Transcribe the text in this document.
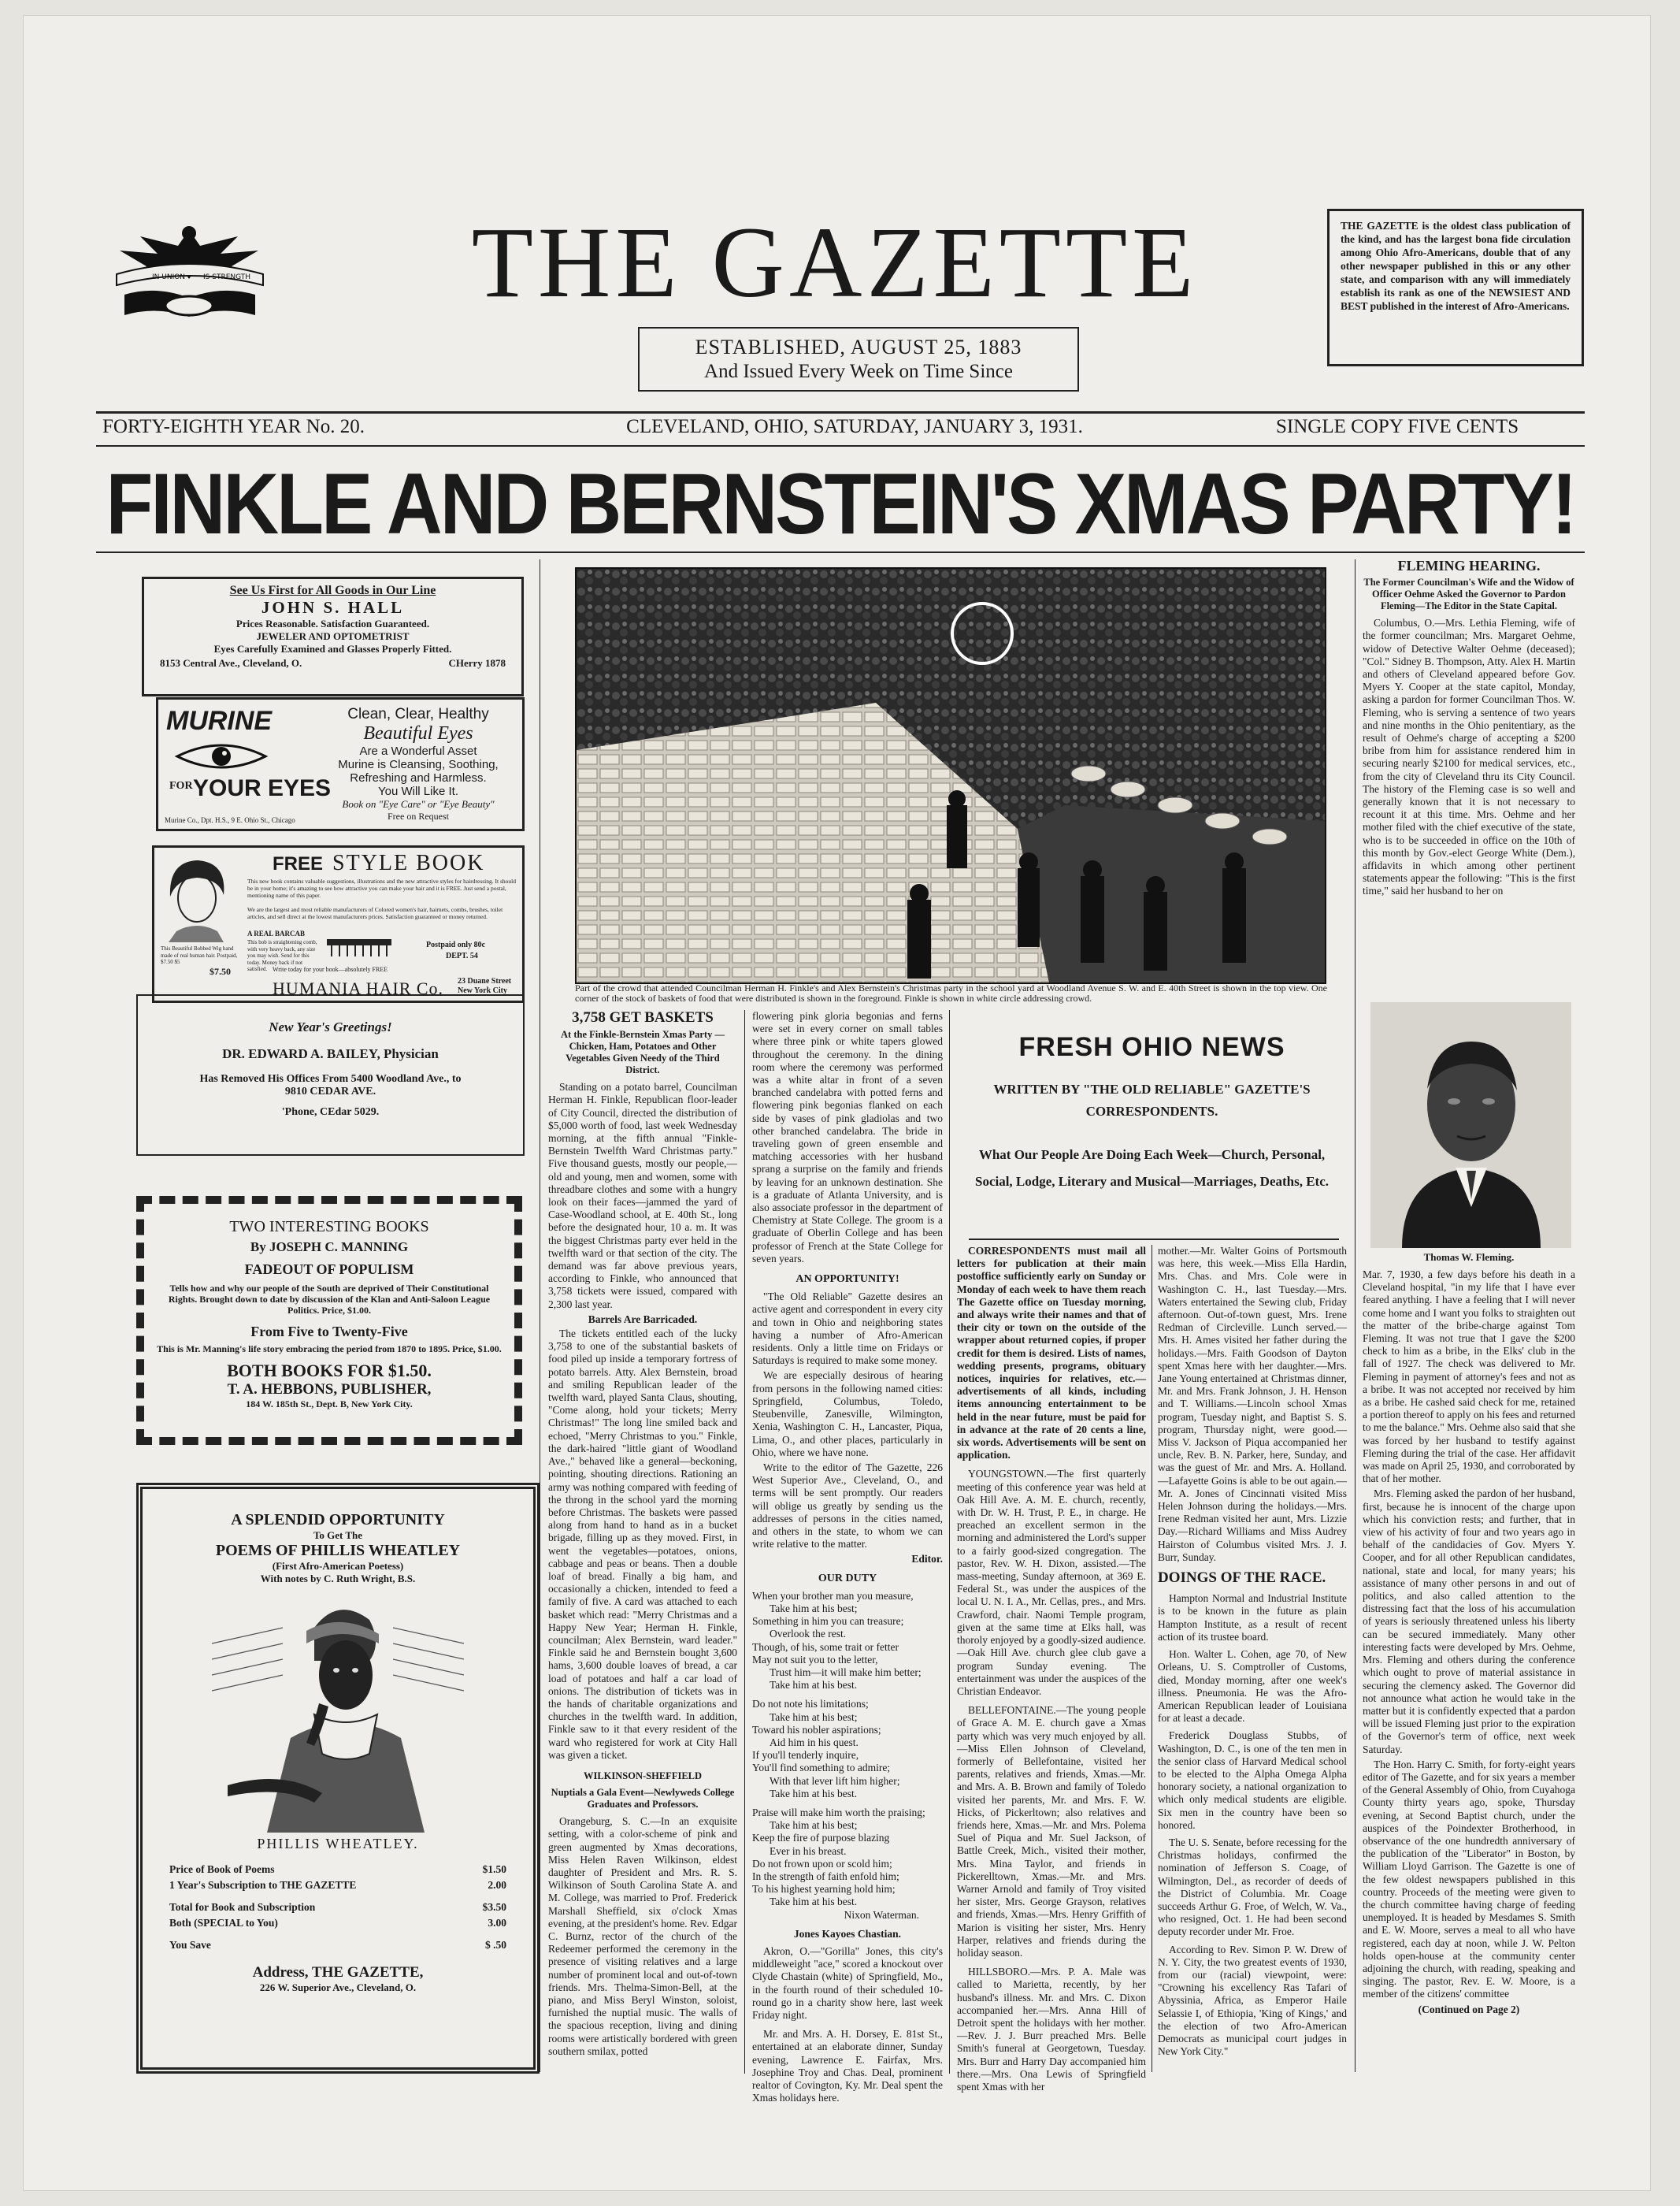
IN UNION	IS STRENGTH	THE GAZETTE
ESTABLISHED, AUGUST 25, 1883
And Issued Every Week on Time Since
THE GAZETTE is the oldest class publication of the kind, and has the largest bona fide circulation among Ohio Afro-Americans, double that of any other newspaper published in this or any other state, and comparison with any will immediately establish its rank as one of the NEWSIEST AND BEST published in the interest of Afro-Americans.
FORTY-EIGHTH YEAR No. 20.	CLEVELAND, OHIO, SATURDAY, JANUARY 3, 1931.	SINGLE COPY FIVE CENTS
FINKLE AND BERNSTEIN'S XMAS PARTY!
See Us First for All Goods in Our Line
JOHN S. HALL
Prices Reasonable. Satisfaction Guaranteed.
JEWELER AND OPTOMETRIST
Eyes Carefully Examined and Glasses Properly Fitted.
8153 Central Ave., Cleveland, O.	CHerry 1878
MURINE
FOR YOUR EYES
Clean, Clear, Healthy
Beautiful Eyes
Are a Wonderful Asset
Murine is Cleansing, Soothing,
Refreshing and Harmless.
You Will Like It.
Book on "Eye Care" or "Eye Beauty"
Free on Request
Murine Co., Dpt. H.S., 9 E. Ohio St., Chicago
FREE STYLE BOOK
This new book contains valuable suggestions, illustrations and the new attractive styles for hairdressing. It should be in your home; it's amazing to see how attractive you can make your hair and it is FREE. Just send a postal, mentioning name of this paper.
We are the largest and most reliable manufacturers of Colored women's hair, hairnets, combs, brushes, toilet articles, and sell direct at the lowest manufacturers prices. Satisfaction guaranteed or money returned.
A REAL BARCAB
This bob is straightening comb, with very heavy back, any size you may wish. Send for this today. Money back if not satisfied.
Postpaid only 80c
DEPT. 54
This Beautiful Bobbed Wig hand made of real human hair. Postpaid, $7.50 $5
$7.50	Write today for your book—absolutely FREE
HUMANIA HAIR Co. 23 Duane Street
New York City
New Year's Greetings!
DR. EDWARD A. BAILEY, Physician
Has Removed His Offices From 5400 Woodland Ave., to
9810 CEDAR AVE.
'Phone, CEdar 5029.
TWO INTERESTING BOOKS
By JOSEPH C. MANNING
FADEOUT OF POPULISM
Tells how and why our people of the South are deprived of Their Constitutional Rights. Brought down to date by discussion of the Klan and Anti-Saloon League Politics. Price, $1.00.
From Five to Twenty-Five
This is Mr. Manning's life story embracing the period from 1870 to 1895. Price, $1.00.
BOTH BOOKS FOR $1.50.
T. A. HEBBONS, PUBLISHER,
184 W. 185th St., Dept. B, New York City.
A SPLENDID OPPORTUNITY
To Get The
POEMS OF PHILLIS WHEATLEY
(First Afro-American Poetess)
With notes by C. Ruth Wright, B.S.
PHILLIS WHEATLEY.
Price of Book of Poems	$1.50
1 Year's Subscription to THE GAZETTE	2.00
Total for Book and Subscription	$3.50
Both (SPECIAL to You)	3.00
You Save	$ .50
Address, THE GAZETTE,
226 W. Superior Ave., Cleveland, O.
Part of the crowd that attended Councilman Herman H. Finkle's and Alex Bernstein's Christmas party in the school yard at Woodland Avenue S. W. and E. 40th Street is shown in the top view. One corner of the stock of baskets of food that were distributed is shown in the foreground. Finkle is shown in white circle addressing crowd.
3,758 GET BASKETS
At the Finkle-Bernstein Xmas Party —Chicken, Ham, Potatoes and Other Vegetables Given Needy of the Third District.

Standing on a potato barrel, Councilman Herman H. Finkle, Republican floor-leader of City Council, directed the distribution of $5,000 worth of food, last week Wednesday morning, at the fifth annual "Finkle-Bernstein Twelfth Ward Christmas party." Five thousand guests, mostly our people,—old and young, men and women, some with threadbare clothes and some with a hungry look on their faces—jammed the yard of Case-Woodland school, at E. 40th St., long before the designated hour, 10 a. m. It was the biggest Christmas party ever held in the twelfth ward or that section of the city. The demand was far above previous years, according to Finkle, who announced that 3,758 tickets were issued, compared with 2,300 last year.

Barrels Are Barricaded.

The tickets entitled each of the lucky 3,758 to one of the substantial baskets of food piled up inside a temporary fortress of potato barrels. Atty. Alex Bernstein, broad and smiling Republican leader of the twelfth ward, played Santa Claus, shouting, "Come along, hold your tickets; Merry Christmas!" The long line smiled back and echoed, "Merry Christmas to you." Finkle, the dark-haired "little giant of Woodland Ave.," behaved like a general—beckoning, pointing, shouting directions. Rationing an army was nothing compared with feeding of the throng in the school yard the morning before Christmas. The baskets were passed along from hand to hand as in a bucket brigade, filling up as they moved. First, in went the vegetables—potatoes, onions, cabbage and peas or beans. Then a double loaf of bread. Finally a big ham, and occasionally a chicken, intended to feed a family of five. A card was attached to each basket which read: "Merry Christmas and a Happy New Year; Herman H. Finkle, councilman; Alex Bernstein, ward leader." Finkle said he and Bernstein bought 3,600 hams, 3,600 double loaves of bread, a car load of potatoes and half a car load of onions. The distribution of tickets was in the hands of charitable organizations and churches in the twelfth ward. In addition, Finkle saw to it that every resident of the ward who registered for work at City Hall was given a ticket.

WILKINSON-SHEFFIELD
Nuptials a Gala Event—Newlyweds College Graduates and Professors.

Orangeburg, S. C.—In an exquisite setting, with a color-scheme of pink and green augmented by Xmas decorations, Miss Helen Raven Wilkinson, eldest daughter of President and Mrs. R. S. Wilkinson of South Carolina State A. and M. College, was married to Prof. Frederick Marshall Sheffield, six o'clock Xmas evening, at the president's home. Rev. Edgar C. Burnz, rector of the church of the Redeemer performed the ceremony in the presence of visiting relatives and a large number of prominent local and out-of-town friends. Mrs. Thelma-Simon-Bell, at the piano, and Miss Beryl Winston, soloist, furnished the nuptial music. The walls of the spacious reception, living and dining rooms were artistically bordered with green southern smilax, potted

flowering pink gloria begonias and ferns were set in every corner on small tables where three pink or white tapers glowed throughout the ceremony. In the dining room where the ceremony was performed was a white altar in front of a seven branched candelabra with potted ferns and flowering pink begonias flanked on each side by vases of pink gladiolas and two other branched candelabra. The bride in traveling gown of green ensemble and matching accessories with her husband sprang a surprise on the family and friends by leaving for an unknown destination. She is a graduate of Atlanta University, and is also associate professor in the department of Chemistry at State College. The groom is a graduate of Oberlin College and has been professor of French at the State College for seven years.

AN OPPORTUNITY!

"The Old Reliable" Gazette desires an active agent and correspondent in every city and town in Ohio and neighboring states having a number of Afro-American residents. Only a little time on Fridays or Saturdays is required to make some money.

We are especially desirous of hearing from persons in the following named cities: Springfield, Columbus, Toledo, Steubenville, Zanesville, Wilmington, Xenia, Washington C. H., Lancaster, Piqua, Lima, O., and other places, particularly in Ohio, where we have none.

Write to the editor of The Gazette, 226 West Superior Ave., Cleveland, O., and terms will be sent promptly. Our readers will oblige us greatly by sending us the addresses of persons in the cities named, and others in the state, to whom we can write relative to the matter.

Editor.
OUR DUTY

When your brother man you measure,

Take him at his best;

Something in him you can treasure;

Overlook the rest.

Though, of his, some trait or fetter

May not suit you to the letter,

Trust him—it will make him better;

Take him at his best.

Do not note his limitations;

Take him at his best;

Toward his nobler aspirations;

Aid him in his quest.

If you'll tenderly inquire,

You'll find something to admire;

With that lever lift him higher;

Take him at his best.

Praise will make him worth the praising;

Take him at his best;

Keep the fire of purpose blazing

Ever in his breast.

Do not frown upon or scold him;

In the strength of faith enfold him;

To his highest yearning hold him;

Take him at his best.

Nixon Waterman.
Jones Kayoes Chastian.

Akron, O.—"Gorilla" Jones, this city's middleweight "ace," scored a knockout over Clyde Chastain (white) of Springfield, Mo., in the fourth round of their scheduled 10-round go in a charity show here, last week Friday night.

Mr. and Mrs. A. H. Dorsey, E. 81st St., entertained at an elaborate dinner, Sunday evening, Lawrence E. Fairfax, Mrs. Josephine Troy and Chas. Deal, prominent realtor of Covington, Ky. Mr. Deal spent the Xmas holidays here.

FRESH OHIO NEWS
WRITTEN BY "THE OLD RELIABLE" GAZETTE'S CORRESPONDENTS.
What Our People Are Doing Each Week—Church, Personal, Social, Lodge, Literary and Musical—Marriages, Deaths, Etc.

CORRESPONDENTS must mail all letters for publication at their main postoffice sufficiently early on Sunday or Monday of each week to have them reach The Gazette office on Tuesday morning, and always write their names and that of their city or town on the outside of the wrapper about returned copies, if proper credit for them is desired. Lists of names, wedding presents, programs, obituary notices, inquiries for relatives, etc.—advertisements of all kinds, including items announcing entertainment to be held in the near future, must be paid for in advance at the rate of 20 cents a line, six words. Advertisements will be sent on application.

YOUNGSTOWN.—The first quarterly meeting of this conference year was held at Oak Hill Ave. A. M. E. church, recently, with Dr. W. H. Trust, P. E., in charge. He preached an excellent sermon in the morning and administered the Lord's supper to a fairly good-sized congregation. The pastor, Rev. W. H. Dixon, assisted.—The mass-meeting, Sunday afternoon, at 369 E. Federal St., was under the auspices of the local U. N. I. A., Mr. Cellas, pres., and Mrs. Crawford, chair. Naomi Temple program, given at the same time at Elks hall, was thoroly enjoyed by a goodly-sized audience.—Oak Hill Ave. church glee club gave a program Sunday evening. The entertainment was under the auspices of the Christian Endeavor.

BELLEFONTAINE.—The young people of Grace A. M. E. church gave a Xmas party which was very much enjoyed by all.—Miss Ellen Johnson of Cleveland, formerly of Bellefontaine, visited her parents, relatives and friends, Xmas.—Mr. and Mrs. A. B. Brown and family of Toledo visited her parents, Mr. and Mrs. F. W. Hicks, of Pickerltown; also relatives and friends here, Xmas.—Mr. and Mrs. Polema Suel of Piqua and Mr. Suel Jackson, of Battle Creek, Mich., visited their mother, Mrs. Mina Taylor, and friends in Pickerelltown, Xmas.—Mr. and Mrs. Warner Arnold and family of Troy visited her sister, Mrs. George Grayson, relatives and friends, Xmas.—Mrs. Henry Griffith of Marion is visiting her sister, Mrs. Henry Harper, relatives and friends during the holiday season.

HILLSBORO.—Mrs. P. A. Male was called to Marietta, recently, by her husband's illness. Mr. and Mrs. C. Dixon accompanied her.—Mrs. Anna Hill of Detroit spent the holidays with her mother.—Rev. J. J. Burr preached Mrs. Belle Smith's funeral at Georgetown, Tuesday. Mrs. Burr and Harry Day accompanied him there.—Mrs. Ona Lewis of Springfield spent Xmas with her

mother.—Mr. Walter Goins of Portsmouth was here, this week.—Miss Ella Hardin, Mrs. Chas. and Mrs. Cole were in Washington C. H., last Tuesday.—Mrs. Waters entertained the Sewing club, Friday afternoon. Out-of-town guest, Mrs. Irene Redman of Circleville. Lunch served.—Mrs. H. Ames visited her father during the holidays.—Mrs. Faith Goodson of Dayton spent Xmas here with her daughter.—Mrs. Jane Young entertained at Christmas dinner, Mr. and Mrs. Frank Johnson, J. H. Henson and T. Williams.—Lincoln school Xmas program, Tuesday night, and Baptist S. S. program, Thursday night, were good.—Miss V. Jackson of Piqua accompanied her uncle, Rev. B. N. Parker, here, Sunday, and was the guest of Mr. and Mrs. A. Holland.—Lafayette Goins is able to be out again.—Mr. A. Jones of Cincinnati visited Miss Helen Johnson during the holidays.—Mrs. Irene Redman visited her aunt, Mrs. Lizzie Day.—Richard Williams and Miss Audrey Hairston of Columbus visited Mrs. J. J. Burr, Sunday.

DOINGS OF THE RACE.

Hampton Normal and Industrial Institute is to be known in the future as plain Hampton Institute, as a result of recent action of its trustee board.

Hon. Walter L. Cohen, age 70, of New Orleans, U. S. Comptroller of Customs, died, Monday morning, after one week's illness. Pneumonia. He was the Afro-American Republican leader of Louisiana for at least a decade.

Frederick Douglass Stubbs, of Washington, D. C., is one of the ten men in the senior class of Harvard Medical school to be elected to the Alpha Omega Alpha honorary society, a national organization to which only medical students are eligible. Six men in the country have been so honored.

The U. S. Senate, before recessing for the Christmas holidays, confirmed the nomination of Jefferson S. Coage, of Wilmington, Del., as recorder of deeds of the District of Columbia. Mr. Coage succeeds Arthur G. Froe, of Welch, W. Va., who resigned, Oct. 1. He had been second deputy recorder under Mr. Froe.

According to Rev. Simon P. W. Drew of N. Y. City, the two greatest events of 1930, from our (racial) viewpoint, were: "Crowning his excellency Ras Tafari of Abyssinia, Africa, as Emperor Haile Selassie I, of Ethiopia, 'King of Kings,' and the election of two Afro-American Democrats as municipal court judges in New York City."

FLEMING HEARING.
The Former Councilman's Wife and the Widow of Officer Oehme Asked the Governor to Pardon Fleming—The Editor in the State Capital.

Columbus, O.—Mrs. Lethia Fleming, wife of the former councilman; Mrs. Margaret Oehme, widow of Detective Walter Oehme (deceased); "Col." Sidney B. Thompson, Atty. Alex H. Martin and others of Cleveland appeared before Gov. Myers Y. Cooper at the state capitol, Monday, asking a pardon for former Councilman Thos. W. Fleming, who is serving a sentence of two years and nine months in the Ohio penitentiary, as the result of Oehme's charge of accepting a $200 bribe from him for assistance rendered him in securing nearly $2100 for medical services, etc., from the city of Cleveland thru its City Council. The history of the Fleming case is so well and generally known that it is not necessary to recount it at this time. Mrs. Oehme and her mother filed with the chief executive of the state, who is to be succeeded in office on the 10th of this month by Gov.-elect George White (Dem.), affidavits in which among other pertinent statements appear the following: "This is the first time," said her husband to her on

Thomas W. Fleming.

Mar. 7, 1930, a few days before his death in a Cleveland hospital, "in my life that I have ever feared anything. I have a feeling that I will never come home and I want you folks to straighten out the matter of the bribe-charge against Tom Fleming. It was not true that I gave the $200 check to him as a bribe, in the Elks' club in the fall of 1927. The check was delivered to Mr. Fleming in payment of attorney's fees and not as a bribe. It was not accepted nor received by him as a bribe. He cashed said check for me, retained a portion thereof to apply on his fees and returned to me the balance." Mrs. Oehme also said that she was forced by her husband to testify against Fleming during the trial of the case. Her affidavit was made on April 25, 1930, and corroborated by that of her mother.

Mrs. Fleming asked the pardon of her husband, first, because he is innocent of the charge upon which his conviction rests; and further, that in view of his activity of four and two years ago in behalf of the candidacies of Gov. Myers Y. Cooper, and for all other Republican candidates, national, state and local, for many years; his assistance of many other persons in and out of politics, and also called attention to the distressing fact that the loss of his accumulation of years is seriously threatened unless his liberty can be secured immediately. Many other interesting facts were developed by Mrs. Oehme, Mrs. Fleming and others during the conference which ought to prove of material assistance in securing the clemency asked. The Governor did not announce what action he would take in the matter but it is confidently expected that a pardon will be issued Fleming just prior to the expiration of the Governor's term of office, next week Saturday.

The Hon. Harry C. Smith, for forty-eight years editor of The Gazette, and for six years a member of the General Assembly of Ohio, from Cuyahoga County thirty years ago, spoke, Thursday evening, at Second Baptist church, under the auspices of the Poindexter Brotherhood, in observance of the one hundredth anniversary of the publication of the "Liberator" in Boston, by William Lloyd Garrison. The Gazette is one of the few oldest newspapers published in this country. Proceeds of the meeting were given to the church committee having charge of feeding unemployed. It is headed by Mesdames S. Smith and E. W. Moore, serves a meal to all who have registered, each day at noon, while J. W. Pelton holds open-house at the community center adjoining the church, with reading, speaking and singing. The pastor, Rev. E. W. Moore, is a member of the citizens' committee

(Continued on Page 2)
